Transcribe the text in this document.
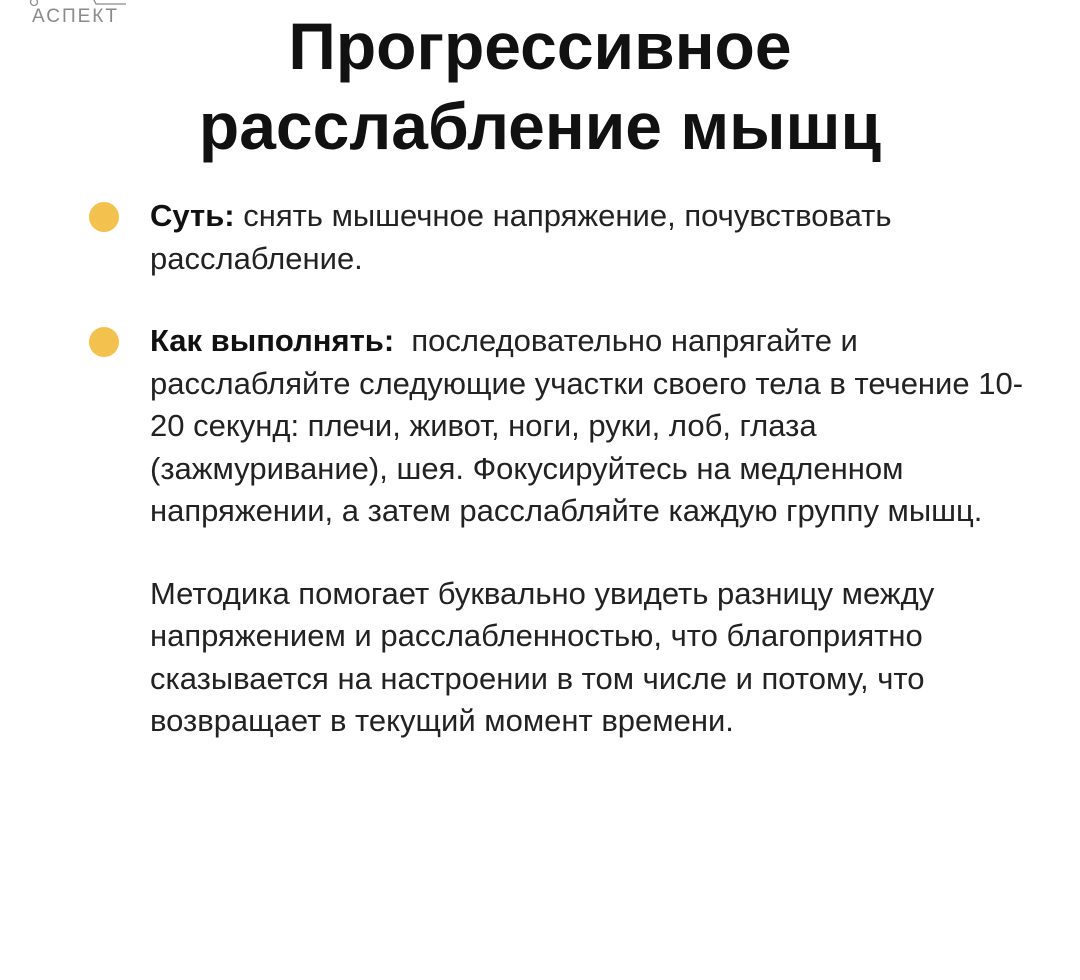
АСПЕКТ	Прогрессивное
расслабление мышц

Суть: снять мышечное напряжение, почувствовать расслабление.

Как выполнять: последовательно напрягайте и расслабляйте следующие участки своего тела в течение 10-20 секунд: плечи, живот, ноги, руки, лоб, глаза (зажмуривание), шея. Фокусируйтесь на медленном напряжении, а затем расслабляйте каждую группу мышц.

Методика помогает буквально увидеть разницу между напряжением и расслабленностью, что благоприятно сказывается на настроении в том числе и потому, что возвращает в текущий момент времени.
